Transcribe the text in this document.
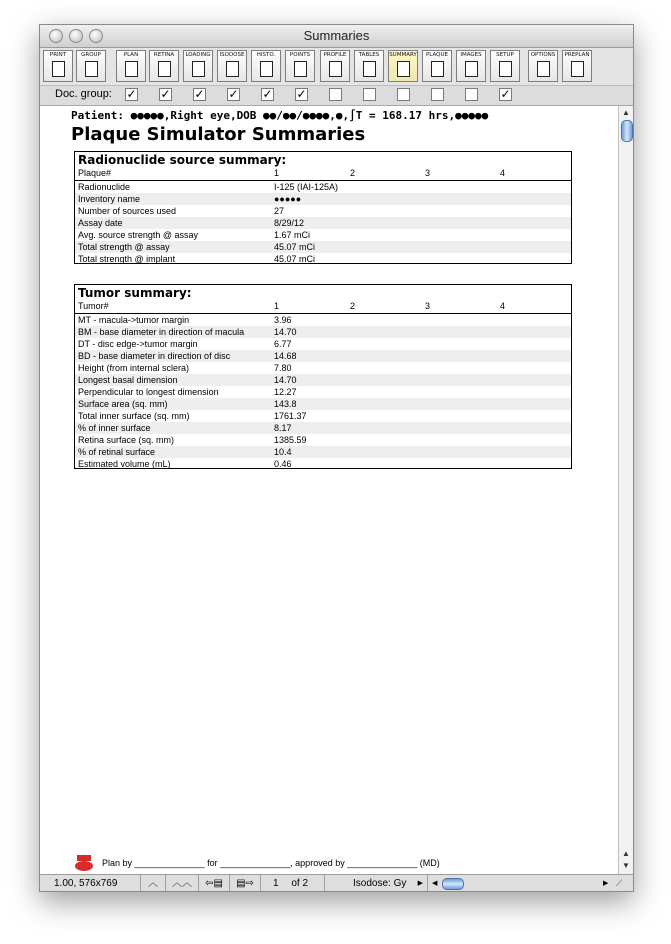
Summaries
PRINT	GROUP	PLAN	RETINA	LOADING ISODOSE	HISTO.	POINTS	PROFILE	TABLES	SUMMARY	PLAQUE	IMAGES	SETUP	OPTIONS	PREPLAN
Doc. group: ✓ ✓ ✓ ✓ ✓ ✓	✓
Patient: ●●●●●,Right eye,DOB ●●/●●/●●●●,●,∫T = 168.17 hrs,●●●●●
Plaque Simulator Summaries
Radionuclide source summary:
Plaque#	1	2	3	4
Radionuclide	I-125 (IAI-125A)
Inventory name	●●●●●
Number of sources used	27
Assay date	8/29/12
Avg. source strength @ assay	1.67 mCi
Total strength @ assay	45.07 mCi
Total strength @ implant	45.07 mCi
Tumor summary:
Tumor#	1	2	3	4
MT - macula->tumor margin	3.96
BM - base diameter in direction of macula	14.70
DT - disc edge->tumor margin	6.77
BD - base diameter in direction of disc	14.68
Height (from internal sclera)	7.80
Longest basal dimension	14.70
Perpendicular to longest dimension	12.27
Surface area (sq. mm)	143.8
Total inner surface (sq. mm)	1761.37
% of inner surface	8.17
Retina surface (sq. mm)	1385.59
% of retinal surface	10.4
Estimated volume (mL)	0.46
Plan by ______________ for ______________, approved by ______________ (MD)
▲
▲
▼
1.00, 576x769	︿	︿︿	⇦▤	▤⇨	1 of 2	Isodose: Gy ▶ ◀	▶ ⟋
